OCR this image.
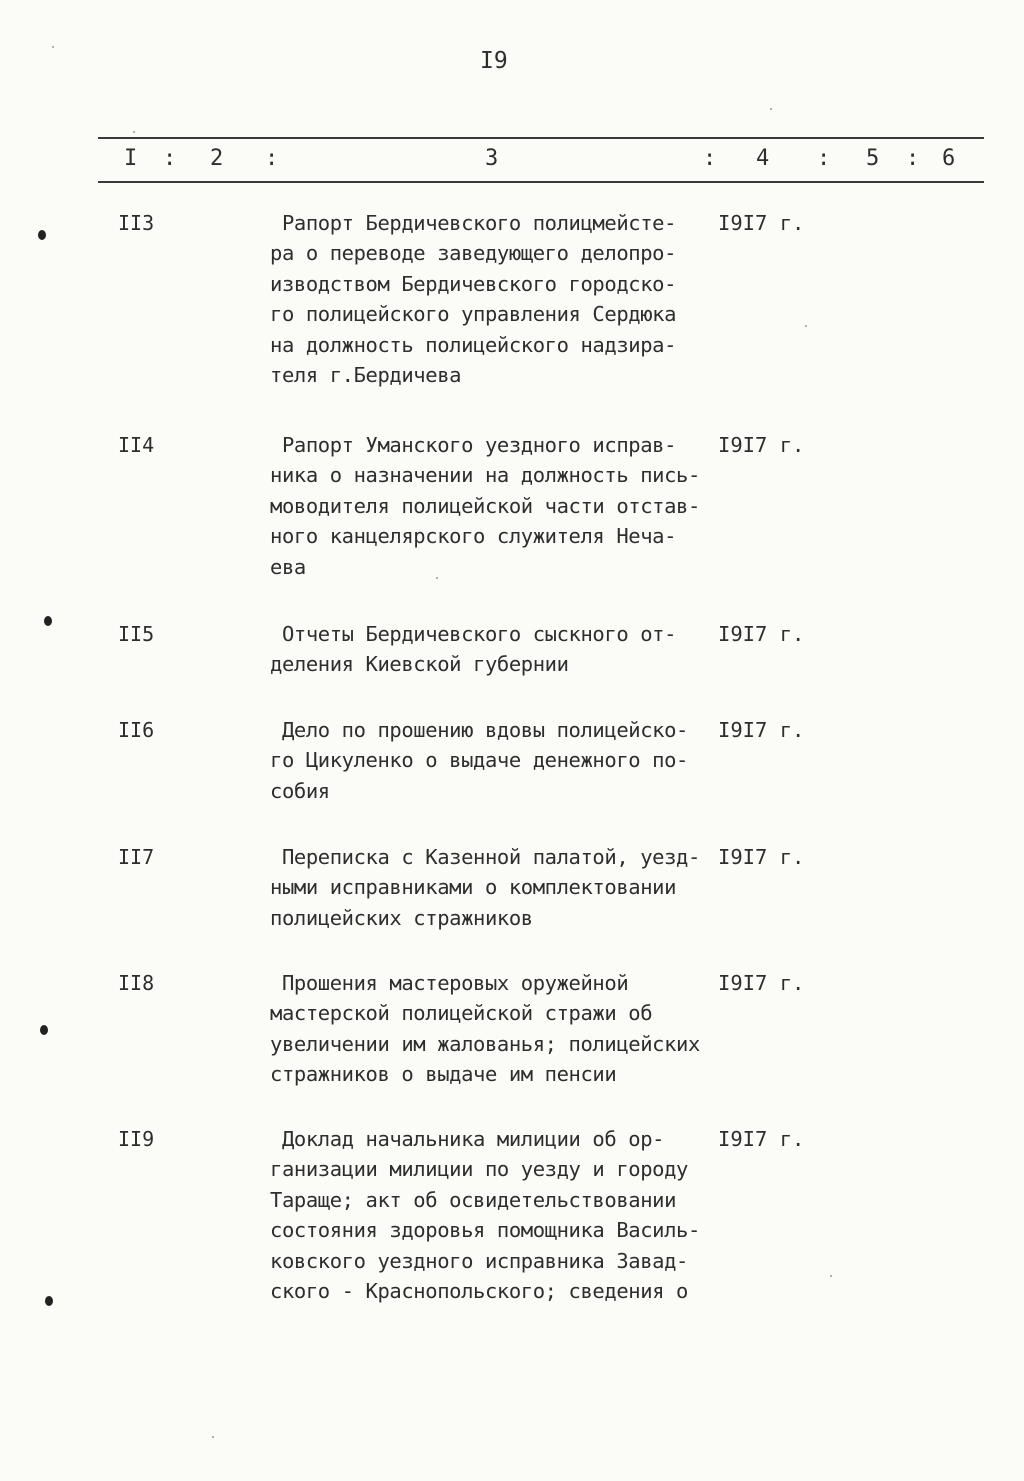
I9
I : 2 :	3	: 4 : 5 : 6
II3	Рапорт Бердичевского полицмейсте-
ра о переводе заведующего делопро-
изводством Бердичевского городско-
го полицейского управления Сердюка
на должность полицейского надзира-
теля г.Бердичева
I9I7 г.
II4	Рапорт Уманского уездного исправ-
ника о назначении на должность пись-
моводителя полицейской части отстав-
ного канцелярского служителя Неча-
ева
I9I7 г.
II5	Отчеты Бердичевского сыскного от-
деления Киевской губернии
I9I7 г.
II6	Дело по прошению вдовы полицейско-
го Цикуленко о выдаче денежного по-
собия
I9I7 г.
II7	Переписка с Казенной палатой, уезд-
ными исправниками о комплектовании
полицейских стражников
I9I7 г.
II8	Прошения мастеровых оружейной
мастерской полицейской стражи об
увеличении им жалованья; полицейских
стражников о выдаче им пенсии
I9I7 г.
II9	Доклад начальника милиции об ор-
ганизации милиции по уезду и городу
Тараще; акт об освидетельствовании
состояния здоровья помощника Василь-
ковского уездного исправника Завад-
ского - Краснопольского; сведения о
I9I7 г.
